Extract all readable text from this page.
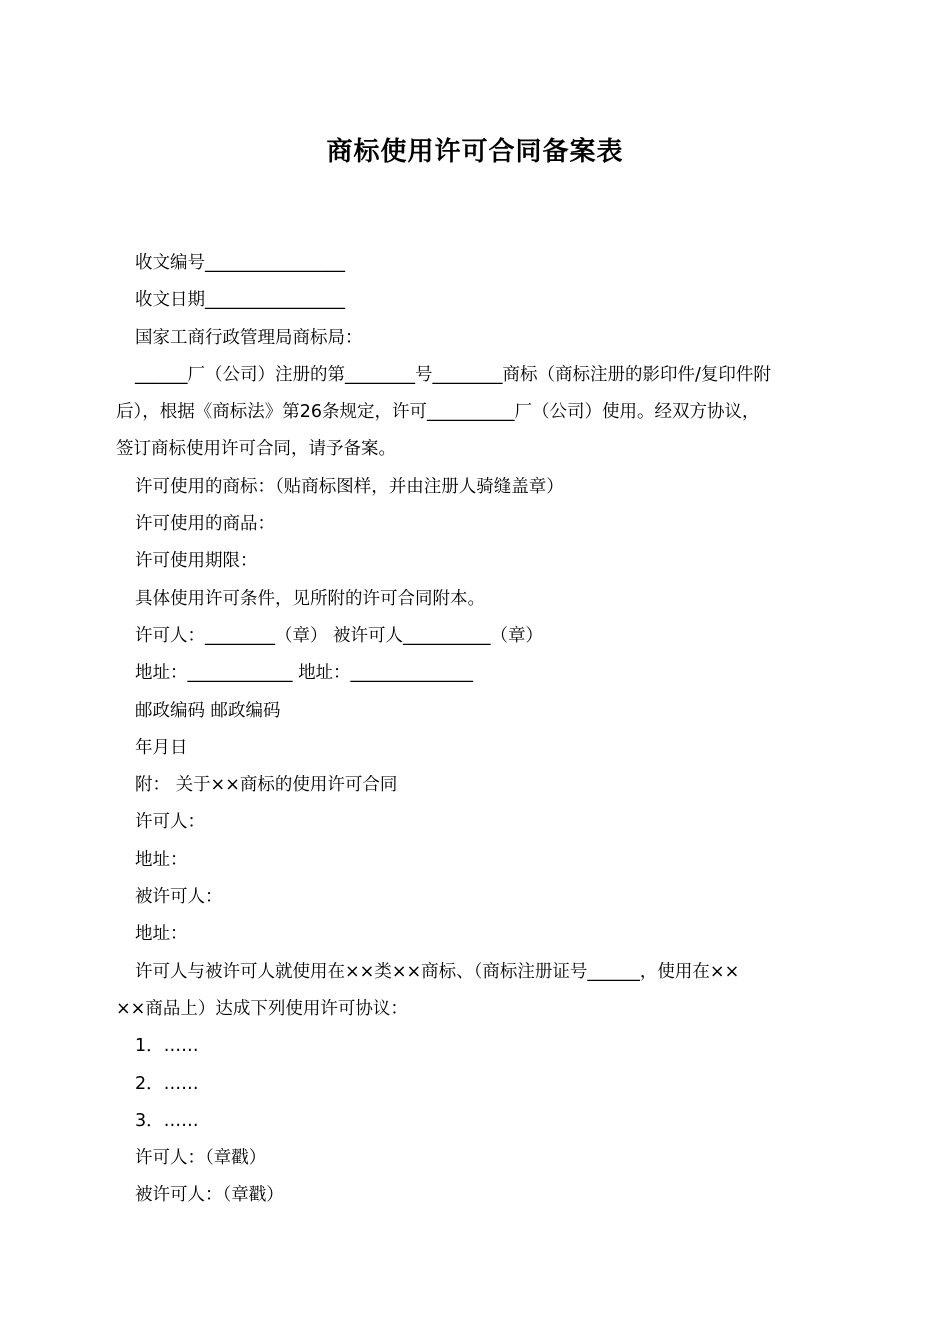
商标使用许可合同备案表

收文编号________________

收文日期________________

国家工商行政管理局商标局：

______厂（公司）注册的第________号________商标（商标注册的影印件/复印件附

后），根据《商标法》第26条规定，许可__________厂（公司）使用。经双方协议，

签订商标使用许可合同，请予备案。

许可使用的商标：（贴商标图样，并由注册人骑缝盖章）

许可使用的商品：

许可使用期限：

具体使用许可条件，见所附的许可合同附本。

许可人：________（章） 被许可人__________（章）

地址：____________ 地址：______________

邮政编码 邮政编码

年月日

附： 关于××商标的使用许可合同

许可人：

地址：

被许可人：

地址：

许可人与被许可人就使用在××类××商标、（商标注册证号______，使用在××

××商品上）达成下列使用许可协议：

1．……

2．……

3．……

许可人：（章戳）

被许可人：（章戳）
